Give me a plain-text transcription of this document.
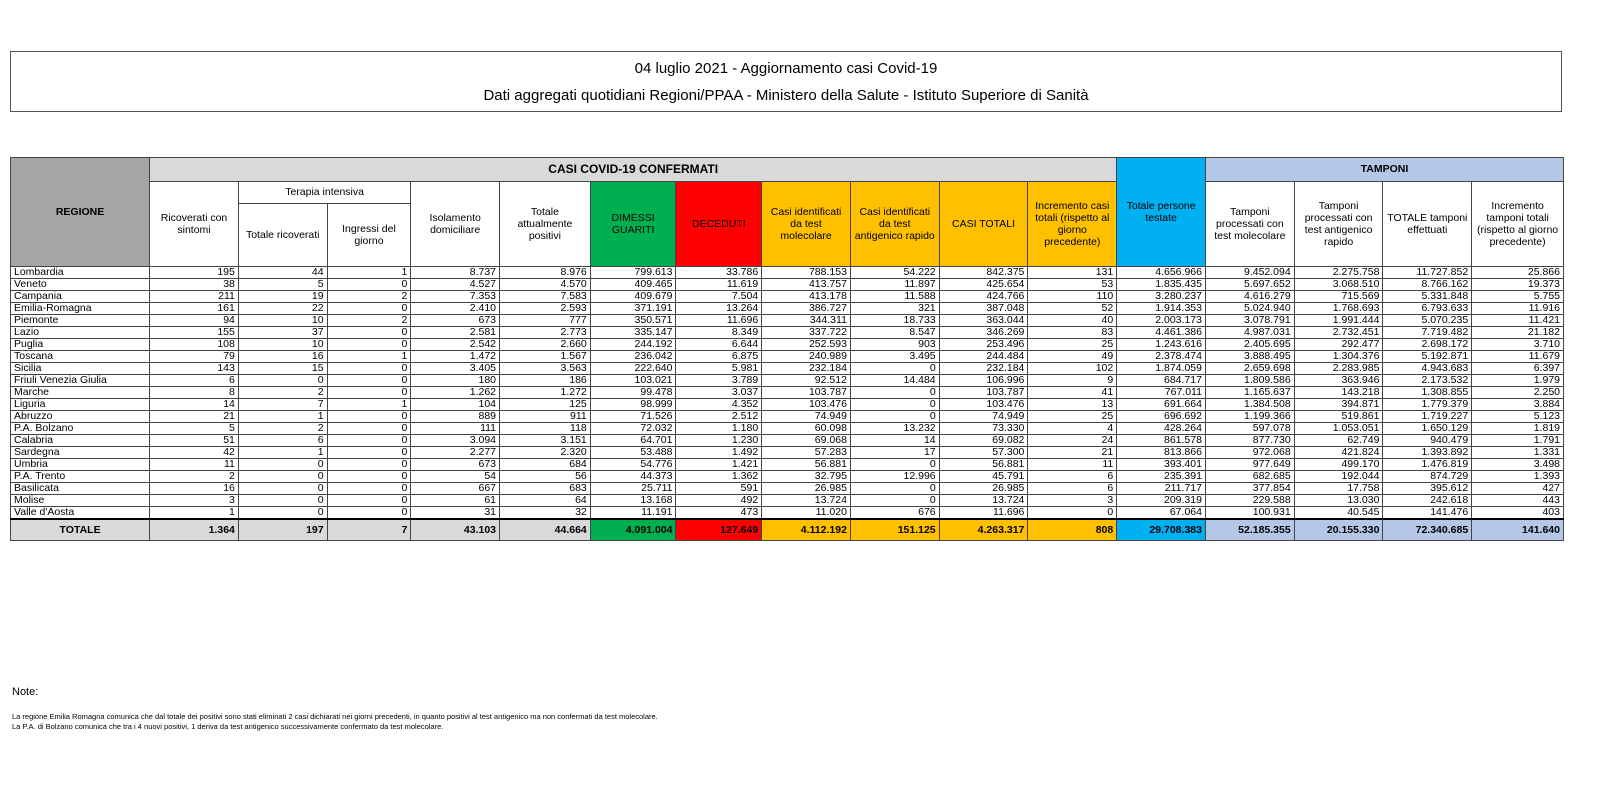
04 luglio 2021 - Aggiornamento casi Covid-19
Dati aggregati quotidiani Regioni/PPAA - Ministero della Salute - Istituto Superiore di Sanità
REGIONE	CASI COVID-19 CONFERMATI											Totale persone testate	TAMPONI			
	Ricoverati con sintomi	Terapia intensiva		Isolamento domiciliare	Totale attualmente positivi	DIMESSI GUARITI	DECEDUTI	Casi identificati da test molecolare	Casi identificati da test antigenico rapido	CASI TOTALI	Incremento casi totali (rispetto al giorno precedente)		Tamponi processati con test molecolare	Tamponi processati con test antigenico rapido	TOTALE tamponi effettuati	Incremento tamponi totali (rispetto al giorno precedente)
		Totale ricoverati	Ingressi del giorno													
Lombardia	195	44	1	8.737	8.976	799.613	33.786	788.153	54.222	842.375	131	4.656.966	9.452.094	2.275.758	11.727.852	25.866
Veneto	38	5	0	4.527	4.570	409.465	11.619	413.757	11.897	425.654	53	1.835.435	5.697.652	3.068.510	8.766.162	19.373
Campania	211	19	2	7.353	7.583	409.679	7.504	413.178	11.588	424.766	110	3.280.237	4.616.279	715.569	5.331.848	5.755
Emilia-Romagna	161	22	0	2.410	2.593	371.191	13.264	386.727	321	387.048	52	1.914.353	5.024.940	1.768.693	6.793.633	11.916
Piemonte	94	10	2	673	777	350.571	11.696	344.311	18.733	363.044	40	2.003.173	3.078.791	1.991.444	5.070.235	11.421
Lazio	155	37	0	2.581	2.773	335.147	8.349	337.722	8.547	346.269	83	4.461.386	4.987.031	2.732.451	7.719.482	21.182
Puglia	108	10	0	2.542	2.660	244.192	6.644	252.593	903	253.496	25	1.243.616	2.405.695	292.477	2.698.172	3.710
Toscana	79	16	1	1.472	1.567	236.042	6.875	240.989	3.495	244.484	49	2.378.474	3.888.495	1.304.376	5.192.871	11.679
Sicilia	143	15	0	3.405	3.563	222.640	5.981	232.184	0	232.184	102	1.874.059	2.659.698	2.283.985	4.943.683	6.397
Friuli Venezia Giulia	6	0	0	180	186	103.021	3.789	92.512	14.484	106.996	9	684.717	1.809.586	363.946	2.173.532	1.979
Marche	8	2	0	1.262	1.272	99.478	3.037	103.787	0	103.787	41	767.011	1.165.637	143.218	1.308.855	2.250
Liguria	14	7	1	104	125	98.999	4.352	103.476	0	103.476	13	691.664	1.384.508	394.871	1.779.379	3.884
Abruzzo	21	1	0	889	911	71.526	2.512	74.949	0	74.949	25	696.692	1.199.366	519.861	1.719.227	5.123
P.A. Bolzano	5	2	0	111	118	72.032	1.180	60.098	13.232	73.330	4	428.264	597.078	1.053.051	1.650.129	1.819
Calabria	51	6	0	3.094	3.151	64.701	1.230	69.068	14	69.082	24	861.578	877.730	62.749	940.479	1.791
Sardegna	42	1	0	2.277	2.320	53.488	1.492	57.283	17	57.300	21	813.866	972.068	421.824	1.393.892	1.331
Umbria	11	0	0	673	684	54.776	1.421	56.881	0	56.881	11	393.401	977.649	499.170	1.476.819	3.498
P.A. Trento	2	0	0	54	56	44.373	1.362	32.795	12.996	45.791	6	235.391	682.685	192.044	874.729	1.393
Basilicata	16	0	0	667	683	25.711	591	26.985	0	26.985	6	211.717	377.854	17.758	395.612	427
Molise	3	0	0	61	64	13.168	492	13.724	0	13.724	3	209.319	229.588	13.030	242.618	443
Valle d'Aosta	1	0	0	31	32	11.191	473	11.020	676	11.696	0	67.064	100.931	40.545	141.476	403
TOTALE	1.364	197	7	43.103	44.664	4.091.004	127.649	4.112.192	151.125	4.263.317	808	29.708.383	52.185.355	20.155.330	72.340.685	141.640
Note:
La regione Emilia Romagna comunica che dal totale dei positivi sono stati eliminati 2 casi dichiarati nei giorni precedenti, in quanto positivi al test antigenico ma non confermati da test molecolare.
La P.A. di Bolzano comunica che tra i 4 nuovi positivi, 1 deriva da test antigenico successivamente confermato da test molecolare.
